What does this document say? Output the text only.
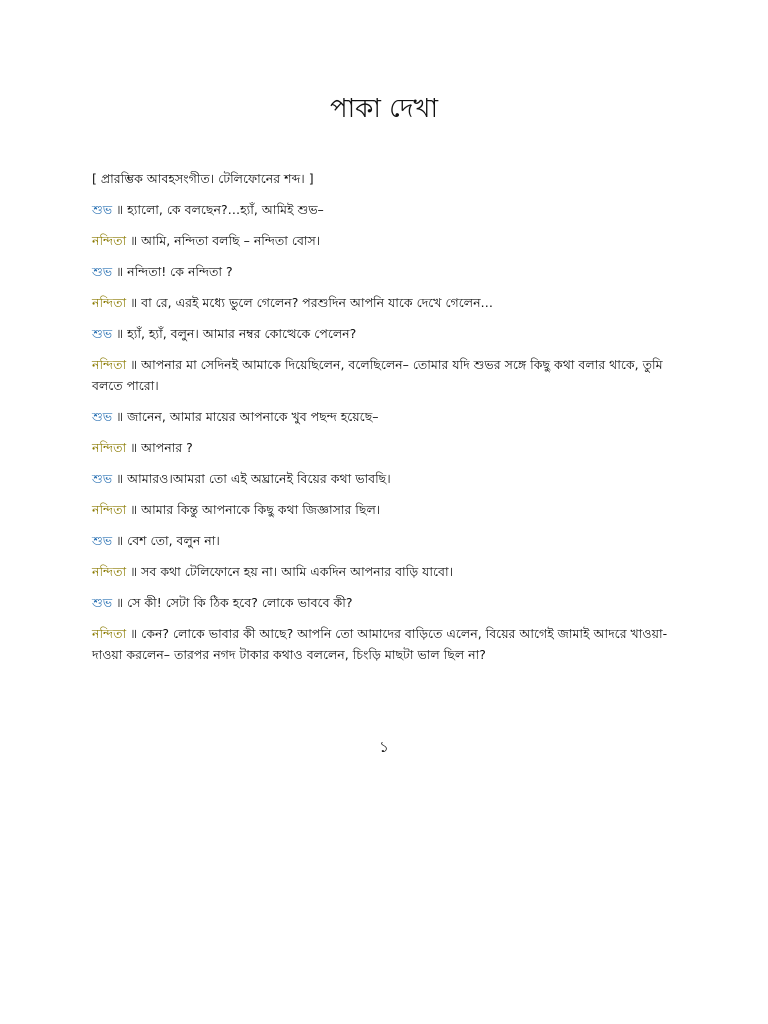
পাকা দেখা

[ প্রারম্ভিক আবহসংগীত। টেলিফোনের শব্দ। ]

শুভ ॥ হ্যালো, কে বলছেন?…হ্যাঁ, আমিই শুভ–

নন্দিতা ॥ আমি, নন্দিতা বলছি – নন্দিতা বোস।

শুভ ॥ নন্দিতা! কে নন্দিতা ?

নন্দিতা ॥ বা রে, এরই মধ্যে ভুলে গেলেন? পরশুদিন আপনি যাকে দেখে গেলেন…

শুভ ॥ হ্যাঁ, হ্যাঁ, বলুন। আমার নম্বর কোত্থেকে পেলেন?

নন্দিতা ॥ আপনার মা সেদিনই আমাকে দিয়েছিলেন, বলেছিলেন– তোমার যদি শুভর সঙ্গে কিছু কথা বলার থাকে, তুমি বলতে পারো।

শুভ ॥ জানেন, আমার মায়ের আপনাকে খুব পছন্দ হয়েছে–

নন্দিতা ॥ আপনার ?

শুভ ॥ আমারও।আমরা তো এই অঘ্রানেই বিয়ের কথা ভাবছি।

নন্দিতা ॥ আমার কিন্তু আপনাকে কিছু কথা জিজ্ঞাসার ছিল।

শুভ ॥ বেশ তো, বলুন না।

নন্দিতা ॥ সব কথা টেলিফোনে হয় না। আমি একদিন আপনার বাড়ি যাবো।

শুভ ॥ সে কী! সেটা কি ঠিক হবে? লোকে ভাববে কী?

নন্দিতা ॥ কেন? লোকে ভাবার কী আছে? আপনি তো আমাদের বাড়িতে এলেন, বিয়ের আগেই জামাই আদরে খাওয়া-দাওয়া করলেন– তারপর নগদ টাকার কথাও বললেন, চিংড়ি মাছটা ভাল ছিল না?

১
